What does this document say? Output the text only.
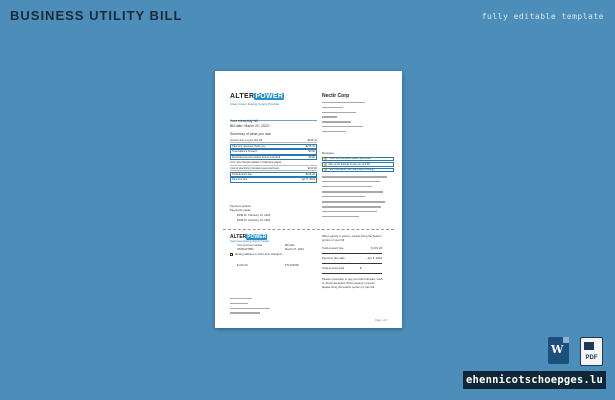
BUSINESS UTILITY BILL	fully editable template
ALTERPOWER
Clean Green Energy Supply Provider
Nectir Corp
Your electricity bill
Bill date: March 20, 2023
Summary of what you owe
Amount due on your last bill	$215.41
Payment received, thank you	$215.41
Total balance forward	$0.00
Received payment status (some included)	$0.00
Your new charges details on following pages
Cost of electricity (includes taxes and fees)	$210.20
Total amount due	$210.20
Payment due	Apr 5, 2023
Payment options
Payments made:
$448.00 February 15, 2023
$448.00 February 20, 2023
Messages
This is our new green power report card
Sign up for autopay to save on your bill
Your information: how many days of energy
ALTERPOWER
Clean Green Energy Supply Provider
Your account number
78450127854
Bill date
March 27, 2023
Moving address or short-term changes?
$ 210.20	FTL023948
When paying in person, please bring the bottom portion of your bill
Total amount due	$ 474.20
Payment due date	Apr 5, 2023
Total amount paid	$
Please remember to pay your bill until date, cash or check accepted. When paying in person, please bring the bottom portion of your bill.
Page 1 of 3
W
PDF
ehennicotschoepges.lu
